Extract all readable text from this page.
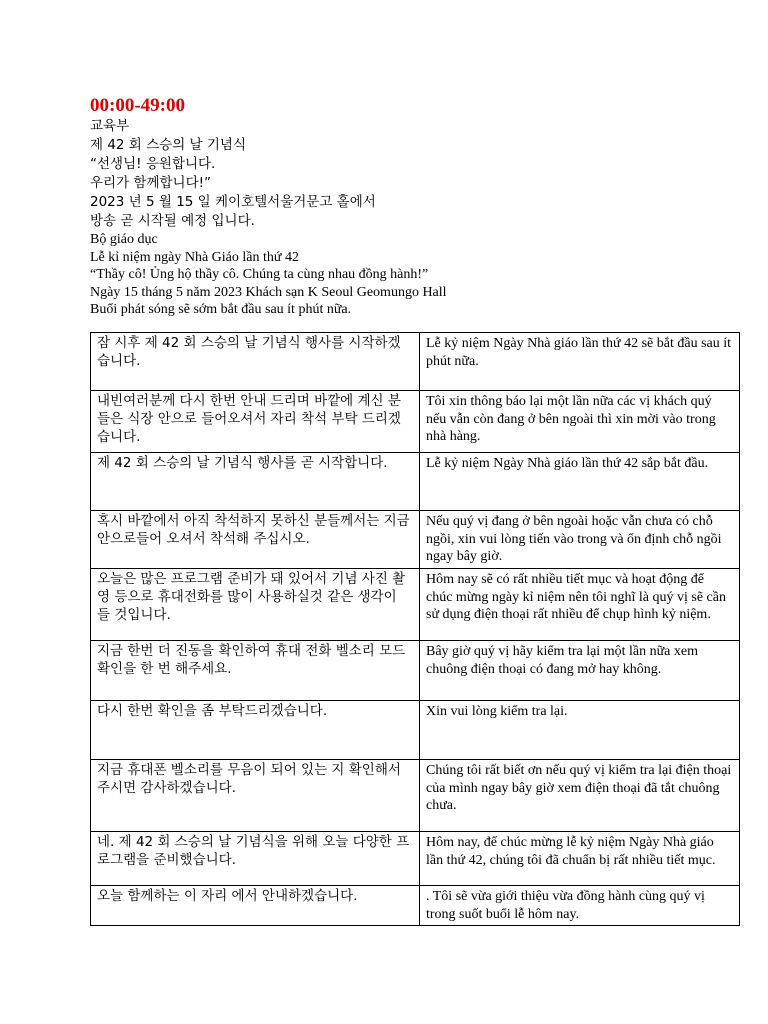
00:00-49:00
교육부
제 42 회 스승의 날 기념식
“선생님! 응원합니다.
우리가 함께합니다!”
2023 년 5 월 15 일 케이호텔서울거문고 홀에서
방송 곧 시작될 예정 입니다.
Bộ giáo dục
Lễ kỉ niệm ngày Nhà Giáo lần thứ 42
“Thầy cô! Ủng hộ thầy cô. Chúng ta cùng nhau đồng hành!”
Ngày 15 tháng 5 năm 2023 Khách sạn K Seoul Geomungo Hall
Buổi phát sóng sẽ sớm bắt đầu sau ít phút nữa.
잠 시후 제 42 회 스승의 날 기념식 행사를 시작하겠습니다.	Lễ kỷ niệm Ngày Nhà giáo lần thứ 42 sẽ bắt đầu sau ít phút nữa.
내빈여러분께 다시 한번 안내 드리며 바깥에 계신 분들은 식장 안으로 들어오셔서 자리 착석 부탁 드리겠습니다.	Tôi xin thông báo lại một lần nữa các vị khách quý nếu vẫn còn đang ở bên ngoài thì xin mời vào trong nhà hàng.
제 42 회 스승의 날 기념식 행사를 곧 시작합니다.	Lễ kỷ niệm Ngày Nhà giáo lần thứ 42 sắp bắt đầu.
혹시 바깥에서 아직 착석하지 못하신 분들께서는 지금 안으로들어 오셔서 착석해 주십시오.	Nếu quý vị đang ở bên ngoài hoặc vẫn chưa có chỗ ngồi, xin vui lòng tiến vào trong và ổn định chỗ ngồi ngay bây giờ.
오늘은 많은 프로그램 준비가 돼 있어서 기념 사진 촬영 등으로 휴대전화를 많이 사용하실것 같은 생각이 들 것입니다.	Hôm nay sẽ có rất nhiều tiết mục và hoạt động để chúc mừng ngày kỉ niệm nên tôi nghĩ là quý vị sẽ cần sử dụng điện thoại rất nhiều để chụp hình kỷ niệm.
지금 한번 더 진동을 확인하여 휴대 전화 벨소리 모드 확인을 한 번 해주세요.	Bây giờ quý vị hãy kiểm tra lại một lần nữa xem chuông điện thoại có đang mở hay không.
다시 한번 확인을 좀 부탁드리겠습니다.	Xin vui lòng kiểm tra lại.
지금 휴대폰 벨소리를 무음이 되어 있는 지 확인해서 주시면 감사하겠습니다.	Chúng tôi rất biết ơn nếu quý vị kiểm tra lại điện thoại của mình ngay bây giờ xem điện thoại đã tắt chuông chưa.
네. 제 42 회 스승의 날 기념식을 위해 오늘 다양한 프로그램을 준비했습니다.	Hôm nay, để chúc mừng lễ kỷ niệm Ngày Nhà giáo lần thứ 42, chúng tôi đã chuẩn bị rất nhiều tiết mục.
오늘 함께하는 이 자리 에서 안내하겠습니다.	. Tôi sẽ vừa giới thiệu vừa đồng hành cùng quý vị trong suốt buổi lễ hôm nay.
